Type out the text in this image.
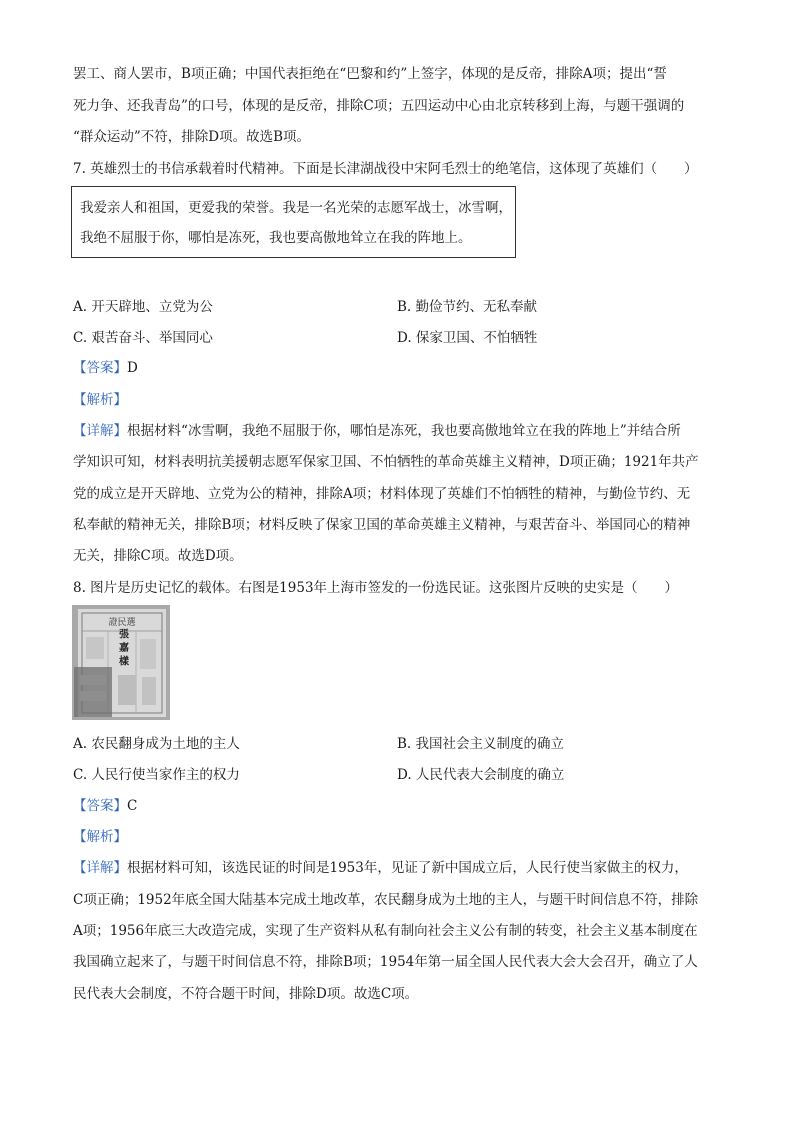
罢工、商人罢市，B项正确；中国代表拒绝在“巴黎和约”上签字，体现的是反帝，排除A项；提出“誓
死力争、还我青岛”的口号，体现的是反帝，排除C项；五四运动中心由北京转移到上海，与题干强调的
“群众运动”不符，排除D项。故选B项。
7. 英雄烈士的书信承载着时代精神。下面是长津湖战役中宋阿毛烈士的绝笔信，这体现了英雄们（　　）
我爱亲人和祖国，更爱我的荣誉。我是一名光荣的志愿军战士，冰雪啊，
我绝不屈服于你，哪怕是冻死，我也要高傲地耸立在我的阵地上。
A. 开天辟地、立党为公	B. 勤俭节约、无私奉献
C. 艰苦奋斗、举国同心	D. 保家卫国、不怕牺牲
【答案】D
【解析】
【详解】根据材料“冰雪啊，我绝不屈服于你，哪怕是冻死，我也要高傲地耸立在我的阵地上”并结合所
学知识可知，材料表明抗美援朝志愿军保家卫国、不怕牺牲的革命英雄主义精神，D项正确；1921年共产
党的成立是开天辟地、立党为公的精神，排除A项；材料体现了英雄们不怕牺牲的精神，与勤俭节约、无
私奉献的精神无关，排除B项；材料反映了保家卫国的革命英雄主义精神，与艰苦奋斗、举国同心的精神
无关，排除C项。故选D项。
8. 图片是历史记忆的载体。右图是1953年上海市签发的一份选民证。这张图片反映的史实是（　　）
證民選
張 嘉 樣
A. 农民翻身成为土地的主人	B. 我国社会主义制度的确立
C. 人民行使当家作主的权力	D. 人民代表大会制度的确立
【答案】C
【解析】
【详解】根据材料可知，该选民证的时间是1953年，见证了新中国成立后，人民行使当家做主的权力，
C项正确；1952年底全国大陆基本完成土地改革，农民翻身成为土地的主人，与题干时间信息不符，排除
A项；1956年底三大改造完成，实现了生产资料从私有制向社会主义公有制的转变，社会主义基本制度在
我国确立起来了，与题干时间信息不符，排除B项；1954年第一届全国人民代表大会大会召开，确立了人
民代表大会制度，不符合题干时间，排除D项。故选C项。
